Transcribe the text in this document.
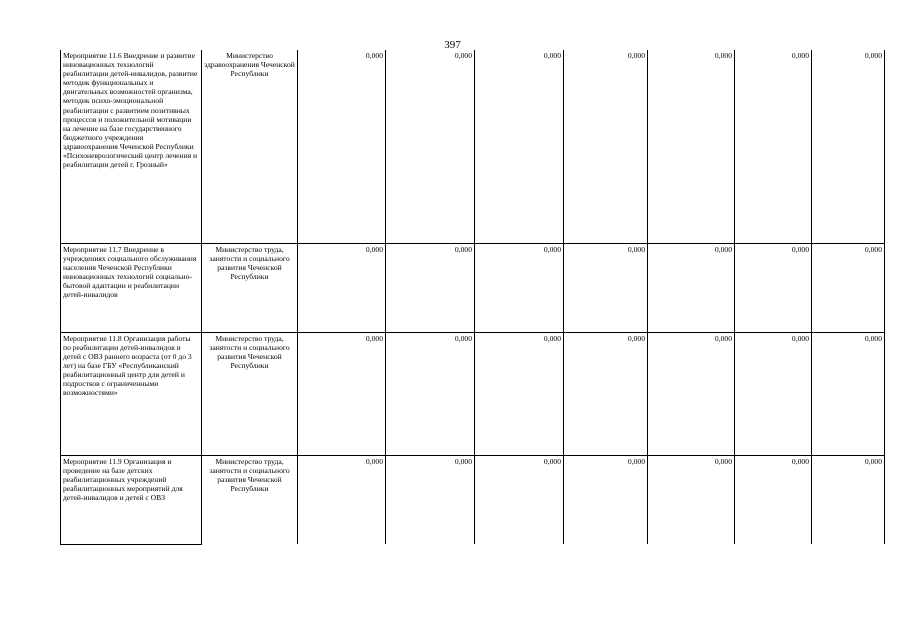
397
Мероприятие 11.6 Внедрение и развитие инновационных технологий реабилитации детей-инвалидов, развитие методик функциональных и двигательных возможностей организма, методик психо-эмоциональной реабилитации с развитием позитивных процессов и положительной мотивации на лечение на базе государственного бюджетного учреждения здравоохранения Чеченской Республики «Психоневрологический центр лечения и реабилитации детей г. Грозный»	Министерство здравоохранения Чеченской Республики	0,000	0,000	0,000	0,000	0,000	0,000	0,000
Мероприятие 11.7 Внедрение в учреждениях социального обслуживания населения Чеченской Республики инновационных технологий социально-бытовой адаптации и реабилитации детей-инвалидов	Министерство труда, занятости и социального развития Чеченской Республики	0,000	0,000	0,000	0,000	0,000	0,000	0,000
Мероприятие 11.8 Организация работы по реабилитации детей-инвалидов и детей с ОВЗ раннего возраста (от 0 до 3 лет) на базе ГБУ «Республиканский реабилитационный центр для детей и подростков с ограниченными возможностями»	Министерство труда, занятости и социального развития Чеченской Республики	0,000	0,000	0,000	0,000	0,000	0,000	0,000
Мероприятие 11.9 Организация и проведение на базе детских реабилитационных учреждений реабилитационных мероприятий для детей-инвалидов и детей с ОВЗ	Министерство труда, занятости и социального развития Чеченской Республики	0,000	0,000	0,000	0,000	0,000	0,000	0,000
